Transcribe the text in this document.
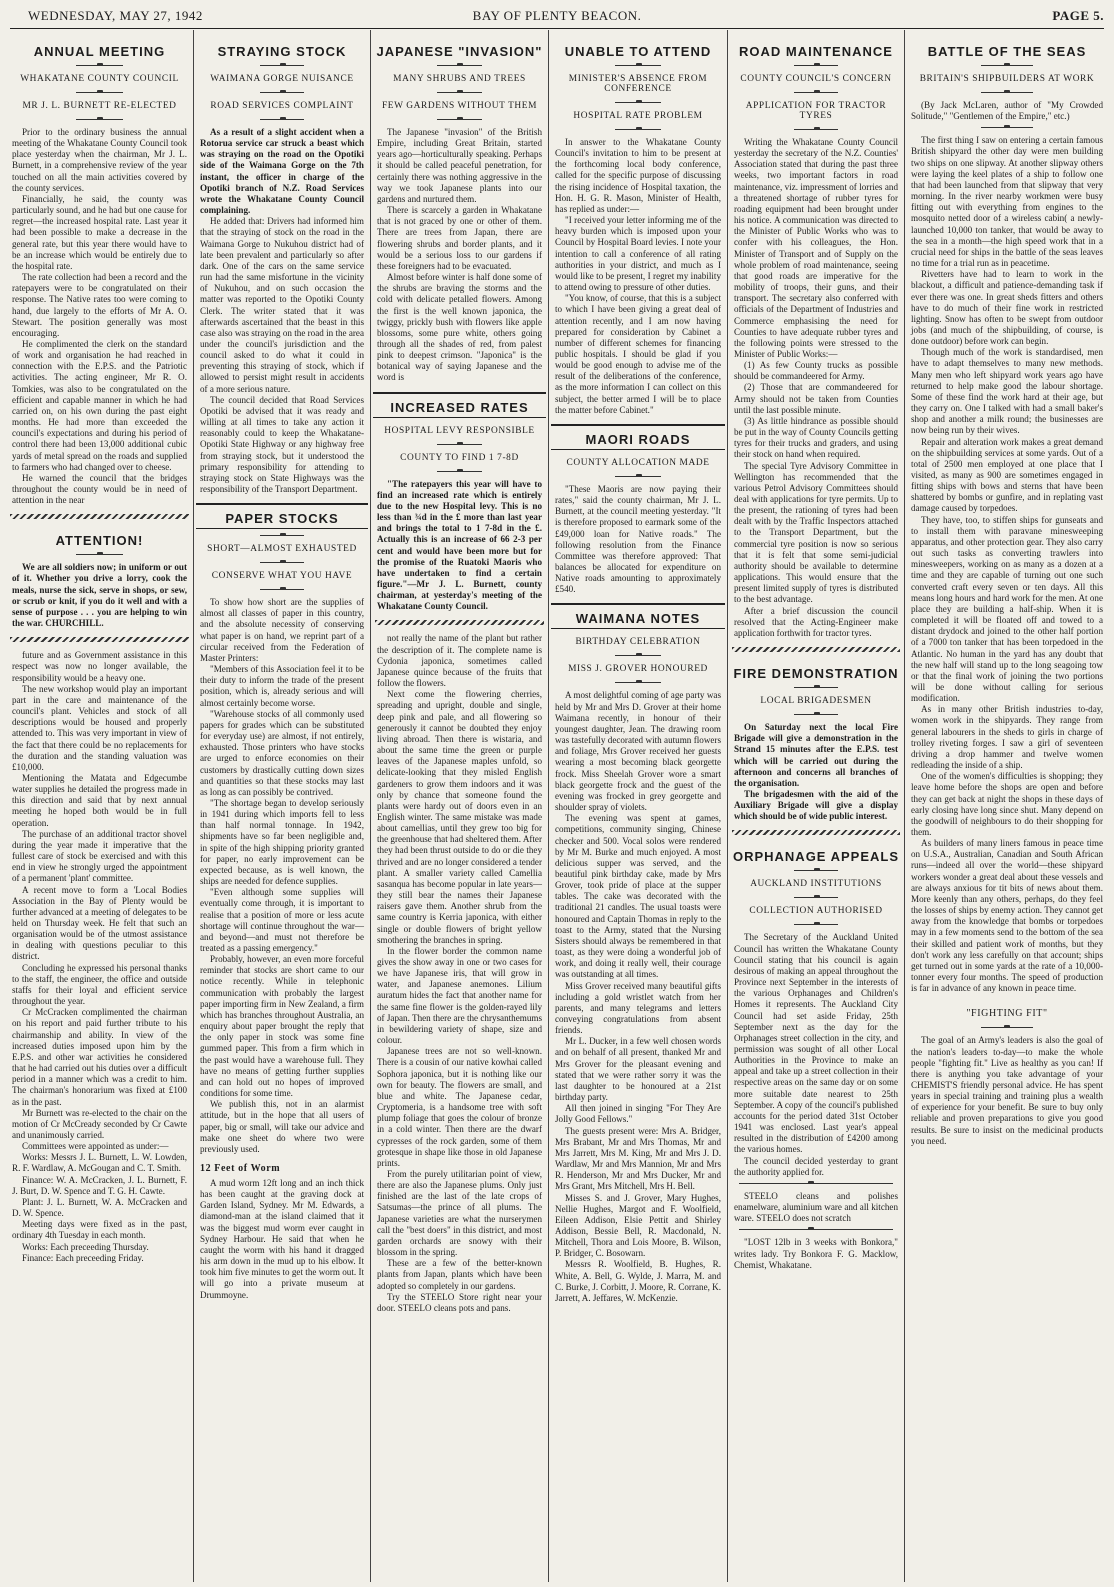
WEDNESDAY, MAY 27, 1942	BAY OF PLENTY BEACON.	PAGE 5.
ANNUAL MEETING
WHAKATANE COUNTY COUNCIL
MR J. L. BURNETT RE-ELECTED

Prior to the ordinary business the annual meeting of the Whakatane County Council took place yesterday when the chairman, Mr J. L. Burnett, in a comprehensive review of the year touched on all the main activities covered by the county services.

Financially, he said, the county was particularly sound, and he had but one cause for regret—the increased hospital rate. Last year it had been possible to make a decrease in the general rate, but this year there would have to be an increase which would be entirely due to the hospital rate.

The rate collection had been a record and the ratepayers were to be congratulated on their response. The Native rates too were coming to hand, due largely to the efforts of Mr A. O. Stewart. The position generally was most encouraging.

He complimented the clerk on the standard of work and organisation he had reached in connection with the E.P.S. and the Patriotic activities. The acting engineer, Mr R. O. Tomkies, was also to be congratulated on the efficient and capable manner in which he had carried on, on his own during the past eight months. He had more than exceeded the council's expectations and during his period of control there had been 13,000 additional cubic yards of metal spread on the roads and supplied to farmers who had changed over to cheese.

He warned the council that the bridges throughout the county would be in need of attention in the near

ATTENTION!

We are all soldiers now; in uniform or out of it. Whether you drive a lorry, cook the meals, nurse the sick, serve in shops, or sew, or scrub or knit, if you do it well and with a sense of purpose . . . you are helping to win the war. CHURCHILL.

future and as Government assistance in this respect was now no longer available, the responsibility would be a heavy one.

The new workshop would play an important part in the care and maintenance of the council's plant. Vehicles and stock of all descriptions would be housed and properly attended to. This was very important in view of the fact that there could be no replacements for the duration and the standing valuation was £10,000.

Mentioning the Matata and Edgecumbe water supplies he detailed the progress made in this direction and said that by next annual meeting he hoped both would be in full operation.

The purchase of an additional tractor shovel during the year made it imperative that the fullest care of stock be exercised and with this end in view he strongly urged the appointment of a permanent 'plant' committee.

A recent move to form a 'Local Bodies Association in the Bay of Plenty would be further advanced at a meeting of delegates to be held on Thursday week. He felt that such an organisation would be of the utmost assistance in dealing with questions peculiar to this district.

Concluding he expressed his personal thanks to the staff, the engineer, the office and outside staffs for their loyal and efficient service throughout the year.

Cr McCracken complimented the chairman on his report and paid further tribute to his chairmanship and ability. In view of the increased duties imposed upon him by the E.P.S. and other war activities he considered that he had carried out his duties over a difficult period in a manner which was a credit to him. The chairman's honorarium was fixed at £100 as in the past.

Mr Burnett was re-elected to the chair on the motion of Cr McCready seconded by Cr Cawte and unanimously carried.

Committees were appointed as under:—

Works: Messrs J. L. Burnett, L. W. Lowden, R. F. Wardlaw, A. McGougan and C. T. Smith.

Finance: W. A. McCracken, J. L. Burnett, F. J. Burt, D. W. Spence and T. G. H. Cawte.

Plant: J. L. Burnett, W. A. McCracken and D. W. Spence.

Meeting days were fixed as in the past, ordinary 4th Tuesday in each month.

Works: Each preceeding Thursday.

Finance: Each preceeding Friday.

STRAYING STOCK
WAIMANA GORGE NUISANCE
ROAD SERVICES COMPLAINT

As a result of a slight accident when a Rotorua service car struck a beast which was straying on the road on the Opotiki side of the Waimana Gorge on the 7th instant, the officer in charge of the Opotiki branch of N.Z. Road Services wrote the Whakatane County Council complaining.

He added that: Drivers had informed him that the straying of stock on the road in the Waimana Gorge to Nukuhou district had of late been prevalent and particularly so after dark. One of the cars on the same service run had the same misfortune in the vicinity of Nukuhou, and on such occasion the matter was reported to the Opotiki County Clerk. The writer stated that it was afterwards ascertained that the beast in this case also was straying on the road in the area under the council's jurisdiction and the council asked to do what it could in preventing this straying of stock, which if allowed to persist might result in accidents of a more serious nature.

The council decided that Road Services Opotiki be advised that it was ready and willing at all times to take any action it reasonably could to keep the Whakatane-Opotiki State Highway or any highway free from straying stock, but it understood the primary responsibility for attending to straying stock on State Highways was the responsibility of the Transport Department.

PAPER STOCKS
SHORT—ALMOST EXHAUSTED
CONSERVE WHAT YOU HAVE

To show how short are the supplies of almost all classes of paper in this country, and the absolute necessity of conserving what paper is on hand, we reprint part of a circular received from the Federation of Master Printers:

"Members of this Association feel it to be their duty to inform the trade of the present position, which is, already serious and will almost certainly become worse.

"Warehouse stocks of all commonly used papers for grades which can be substituted for everyday use) are almost, if not entirely, exhausted. Those printers who have stocks are urged to enforce economies on their customers by drastically cutting down sizes and quantities so that these stocks may last as long as can possibly be contrived.

"The shortage began to develop seriously in 1941 during which imports fell to less than half normal tonnage. In 1942, shipments have so far been negligible and, in spite of the high shipping priority granted for paper, no early improvement can be expected because, as is well known, the ships are needed for defence supplies.

"Even although some supplies will eventually come through, it is important to realise that a position of more or less acute shortage will continue throughout the war—and beyond—and must not therefore be treated as a passing emergency."

Probably, however, an even more forceful reminder that stocks are short came to our notice recently. While in telephonic communication with probably the largest paper importing firm in New Zealand, a firm which has branches throughout Australia, an enquiry about paper brought the reply that the only paper in stock was some fine gummed paper. This from a firm which in the past would have a warehouse full. They have no means of getting further supplies and can hold out no hopes of improved conditions for some time.

We publish this, not in an alarmist attitude, but in the hope that all users of paper, big or small, will take our advice and make one sheet do where two were previously used.

12 Feet of Worm

A mud worm 12ft long and an inch thick has been caught at the graving dock at Garden Island, Sydney. Mr M. Edwards, a diamond-man at the island claimed that it was the biggest mud worm ever caught in Sydney Harbour. He said that when he caught the worm with his hand it dragged his arm down in the mud up to his elbow. It took him five minutes to get the worm out. It will go into a private museum at Drummoyne.

JAPANESE "INVASION"
MANY SHRUBS AND TREES
FEW GARDENS WITHOUT THEM

The Japanese "invasion" of the British Empire, including Great Britain, started years ago—horticulturally speaking. Perhaps it should be called peaceful penetration, for certainly there was nothing aggressive in the way we took Japanese plants into our gardens and nurtured them.

There is scarcely a garden in Whakatane that is not graced by one or other of them. There are trees from Japan, there are flowering shrubs and border plants, and it would be a serious loss to our gardens if these foreigners had to be evacuated.

Almost before winter is half done some of the shrubs are braving the storms and the cold with delicate petalled flowers. Among the first is the well known japonica, the twiggy, prickly bush with flowers like apple blossoms, some pure white, others going through all the shades of red, from palest pink to deepest crimson. "Japonica" is the botanical way of saying Japanese and the word is

INCREASED RATES
HOSPITAL LEVY RESPONSIBLE
COUNTY TO FIND 1 7-8D

"The ratepayers this year will have to find an increased rate which is entirely due to the new Hospital levy. This is no less than ¾d in the £ more than last year and brings the total to 1 7-8d in the £. Actually this is an increase of 66 2-3 per cent and would have been more but for the promise of the Ruatoki Maoris who have undertaken to find a certain figure."—Mr J. L. Burnett, county chairman, at yesterday's meeting of the Whakatane County Council.

not really the name of the plant but rather the description of it. The complete name is Cydonia japonica, sometimes called Japanese quince because of the fruits that follow the flowers.

Next come the flowering cherries, spreading and upright, double and single, deep pink and pale, and all flowering so generously it cannot be doubted they enjoy living abroad. Then there is wistaria, and about the same time the green or purple leaves of the Japanese maples unfold, so delicate-looking that they misled English gardeners to grow them indoors and it was only by chance that someone found the plants were hardy out of doors even in an English winter. The same mistake was made about camellias, until they grew too big for the greenhouse that had sheltered them. After they had been thrust outside to do or die they thrived and are no longer considered a tender plant. A smaller variety called Camellia sasanqua has become popular in late years—they still bear the names their Japanese raisers gave them. Another shrub from the same country is Kerria japonica, with either single or double flowers of bright yellow smothering the branches in spring.

In the flower border the common name gives the show away in one or two cases for we have Japanese iris, that will grow in water, and Japanese anemones. Lilium auratum hides the fact that another name for the same fine flower is the golden-rayed lily of Japan. Then there are the chrysanthemums in bewildering variety of shape, size and colour.

Japanese trees are not so well-known. There is a cousin of our native kowhai called Sophora japonica, but it is nothing like our own for beauty. The flowers are small, and blue and white. The Japanese cedar, Cryptomeria, is a handsome tree with soft plump foliage that goes the colour of bronze in a cold winter. Then there are the dwarf cypresses of the rock garden, some of them grotesque in shape like those in old Japanese prints.

From the purely utilitarian point of view, there are also the Japanese plums. Only just finished are the last of the late crops of Satsumas—the prince of all plums. The Japanese varieties are what the nurserymen call the "best doers" in this district, and most garden orchards are snowy with their blossom in the spring.

These are a few of the better-known plants from Japan, plants which have been adopted so completely in our gardens.

Try the STEELO Store right near your door. STEELO cleans pots and pans.

UNABLE TO ATTEND
MINISTER'S ABSENCE FROM CONFERENCE
HOSPITAL RATE PROBLEM

In answer to the Whakatane County Council's invitation to him to be present at the forthcoming local body conference, called for the specific purpose of discussing the rising incidence of Hospital taxation, the Hon. H. G. R. Mason, Minister of Health, has replied as under:—

"I received your letter informing me of the heavy burden which is imposed upon your Council by Hospital Board levies. I note your intention to call a conference of all rating authorities in your district, and much as I would like to be present, I regret my inability to attend owing to pressure of other duties.

"You know, of course, that this is a subject to which I have been giving a great deal of attention recently, and I am now having prepared for consideration by Cabinet a number of different schemes for financing public hospitals. I should be glad if you would be good enough to advise me of the result of the deliberations of the conference, as the more information I can collect on this subject, the better armed I will be to place the matter before Cabinet."

MAORI ROADS
COUNTY ALLOCATION MADE

"These Maoris are now paying their rates," said the county chairman, Mr J. L. Burnett, at the council meeting yesterday. "It is therefore proposed to earmark some of the £49,000 loan for Native roads." The following resolution from the Finance Committee was therefore approved: That balances be allocated for expenditure on Native roads amounting to approximately £540.

WAIMANA NOTES
BIRTHDAY CELEBRATION
MISS J. GROVER HONOURED

A most delightful coming of age party was held by Mr and Mrs D. Grover at their home Waimana recently, in honour of their youngest daughter, Jean. The drawing room was tastefully decorated with autumn flowers and foliage, Mrs Grover received her guests wearing a most becoming black georgette frock. Miss Sheelah Grover wore a smart black georgette frock and the guest of the evening was frocked in grey georgette and shoulder spray of violets.

The evening was spent at games, competitions, community singing, Chinese checker and 500. Vocal solos were rendered by Mr M. Burke and much enjoyed. A most delicious supper was served, and the beautiful pink birthday cake, made by Mrs Grover, took pride of place at the supper tables. The cake was decorated with the traditional 21 candles. The usual toasts were honoured and Captain Thomas in reply to the toast to the Army, stated that the Nursing Sisters should always be remembered in that toast, as they were doing a wonderful job of work, and doing it really well, their courage was outstanding at all times.

Miss Grover received many beautiful gifts including a gold wristlet watch from her parents, and many telegrams and letters conveying congratulations from absent friends.

Mr L. Ducker, in a few well chosen words and on behalf of all present, thanked Mr and Mrs Grover for the pleasant evening and stated that we were rather sorry it was the last daughter to be honoured at a 21st birthday party.

All then joined in singing "For They Are Jolly Good Fellows."

The guests present were: Mrs A. Bridger, Mrs Brabant, Mr and Mrs Thomas, Mr and Mrs Jarrett, Mrs M. King, Mr and Mrs J. D. Wardlaw, Mr and Mrs Mannion, Mr and Mrs R. Henderson, Mr and Mrs Ducker, Mr and Mrs Grant, Mrs Mitchell, Mrs H. Bell.

Misses S. and J. Grover, Mary Hughes, Nellie Hughes, Margot and F. Woolfield, Eileen Addison, Elsie Pettit and Shirley Addison, Bessie Bell, R. Macdonald, N. Mitchell, Thora and Lois Moore, B. Wilson, P. Bridger, C. Bosowarn.

Messrs R. Woolfield, B. Hughes, R. White, A. Bell, G. Wylde, J. Marra, M. and C. Burke, J. Corbitt, J. Moore, R. Corrane, K. Jarrett, A. Jeffares, W. McKenzie.

ROAD MAINTENANCE
COUNTY COUNCIL'S CONCERN
APPLICATION FOR TRACTOR TYRES

Writing the Whakatane County Council yesterday the secretary of the N.Z. Counties' Association stated that during the past three weeks, two important factors in road maintenance, viz. impressment of lorries and a threatened shortage of rubber tyres for roading equipment had been brought under his notice. A communication was directed to the Minister of Public Works who was to confer with his colleagues, the Hon. Minister of Transport and of Supply on the whole problem of road maintenance, seeing that good roads are imperative for the mobility of troops, their guns, and their transport. The secretary also conferred with officials of the Department of Industries and Commerce emphasising the need for Counties to have adequate rubber tyres and the following points were stressed to the Minister of Public Works:—

(1) As few County trucks as possible should be commandeered for Army.

(2) Those that are commandeered for Army should not be taken from Counties until the last possible minute.

(3) As little hindrance as possible should be put in the way of County Councils getting tyres for their trucks and graders, and using their stock on hand when required.

The special Tyre Advisory Committee in Wellington has recommended that the various Petrol Advisory Committees should deal with applications for tyre permits. Up to the present, the rationing of tyres had been dealt with by the Traffic Inspectors attached to the Transport Department, but the commercial tyre position is now so serious that it is felt that some semi-judicial authority should be available to determine applications. This would ensure that the present limited supply of tyres is distributed to the best advantage.

After a brief discussion the council resolved that the Acting-Engineer make application forthwith for tractor tyres.

FIRE DEMONSTRATION
LOCAL BRIGADESMEN

On Saturday next the local Fire Brigade will give a demonstration in the Strand 15 minutes after the E.P.S. test which will be carried out during the afternoon and concerns all branches of the organisation.

The brigadesmen with the aid of the Auxiliary Brigade will give a display which should be of wide public interest.

ORPHANAGE APPEALS
AUCKLAND INSTITUTIONS
COLLECTION AUTHORISED

The Secretary of the Auckland United Council has written the Whakatane County Council stating that his council is again desirous of making an appeal throughout the Province next September in the interests of the various Orphanages and Children's Homes it represents. The Auckland City Council had set aside Friday, 25th September next as the day for the Orphanages street collection in the city, and permission was sought of all other Local Authorities in the Province to make an appeal and take up a street collection in their respective areas on the same day or on some more suitable date nearest to 25th September. A copy of the council's published accounts for the period dated 31st October 1941 was enclosed. Last year's appeal resulted in the distribution of £4200 among the various homes.

The council decided yesterday to grant the authority applied for.

STEELO cleans and polishes enamelware, aluminium ware and all kitchen ware. STEELO does not scratch

"LOST 12lb in 3 weeks with Bonkora," writes lady. Try Bonkora F. G. Macklow, Chemist, Whakatane.

BATTLE OF THE SEAS
BRITAIN'S SHIPBUILDERS AT WORK

(By Jack McLaren, author of "My Crowded Solitude," "Gentlemen of the Empire," etc.)

The first thing I saw on entering a certain famous British shipyard the other day were men building two ships on one slipway. At another slipway others were laying the keel plates of a ship to follow one that had been launched from that slipway that very morning. In the river nearby workmen were busy fitting out with everything from engines to the mosquito netted door of a wireless cabin( a newly-launched 10,000 ton tanker, that would be away to the sea in a month—the high speed work that in a crucial need for ships in the battle of the seas leaves no time for a trial run as in peacetime.

Rivetters have had to learn to work in the blackout, a difficult and patience-demanding task if ever there was one. In great sheds fitters and others have to do much of their fine work in restricted lighting. Snow has often to be swept from outdoor jobs (and much of the shipbuilding, of course, is done outdoor) before work can begin.

Though much of the work is standardised, men have to adapt themselves to many new methods. Many men who left shipyard work years ago have returned to help make good the labour shortage. Some of these find the work hard at their age, but they carry on. One I talked with had a small baker's shop and another a milk round; the businesses are now being run by their wives.

Repair and alteration work makes a great demand on the shipbuilding services at some yards. Out of a total of 2500 men employed at one place that I visited, as many as 900 are sometimes engaged in fitting ships with bows and sterns that have been shattered by bombs or gunfire, and in replating vast damage caused by torpedoes.

They have, too, to stiffen ships for gunseats and to install them with paravane minesweeping apparatus, and other protection gear. They also carry out such tasks as converting trawlers into minesweepers, working on as many as a dozen at a time and they are capable of turning out one such converted craft every seven or ten days. All this means long hours and hard work for the men. At one place they are building a half-ship. When it is completed it will be floated off and towed to a distant drydock and joined to the other half portion of a 7000 ton tanker that has been torpedoed in the Atlantic. No human in the yard has any doubt that the new half will stand up to the long seagoing tow or that the final work of joining the two portions will be done without calling for serious modification.

As in many other British industries to-day, women work in the shipyards. They range from general labourers in the sheds to girls in charge of trolley riveting forges. I saw a girl of seventeen driving a drop hammer and twelve women redleading the inside of a ship.

One of the women's difficulties is shopping; they leave home before the shops are open and before they can get back at night the shops in these days of early closing have long since shut. Many depend on the goodwill of neighbours to do their shopping for them.

As builders of many liners famous in peace time on U.S.A., Australian, Canadian and South African runs—indeed all over the world—these shipyard workers wonder a great deal about these vessels and are always anxious for tit bits of news about them. More keenly than any others, perhaps, do they feel the losses of ships by enemy action. They cannot get away from the knowledge that bombs or torpedoes may in a few moments send to the bottom of the sea their skilled and patient work of months, but they don't work any less carefully on that account; ships get turned out in some yards at the rate of a 10,000-tonner every four months. The speed of production is far in advance of any known in peace time.

"FIGHTING FIT"

The goal of an Army's leaders is also the goal of the nation's leaders to-day—to make the whole people "fighting fit." Live as healthy as you can! If there is anything you take advantage of your CHEMIST'S friendly personal advice. He has spent years in special training and training plus a wealth of experience for your benefit. Be sure to buy only reliable and proven preparations to give you good results. Be sure to insist on the medicinal products you need.
